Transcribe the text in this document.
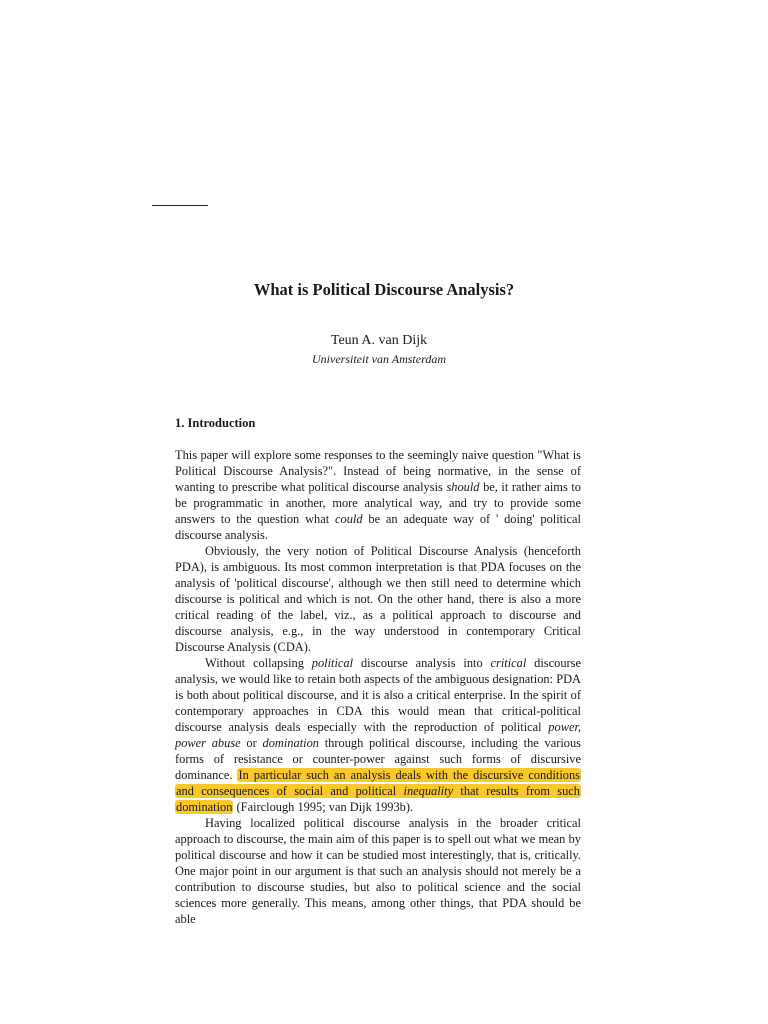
What is Political Discourse Analysis?

Teun A. van Dijk

Universiteit van Amsterdam

1. Introduction

This paper will explore some responses to the seemingly naive question "What is Political Discourse Analysis?". Instead of being normative, in the sense of wanting to prescribe what political discourse analysis should be, it rather aims to be programmatic in another, more analytical way, and try to provide some answers to the question what could be an adequate way of ' doing' political discourse analysis.

Obviously, the very notion of Political Discourse Analysis (henceforth PDA), is ambiguous. Its most common interpretation is that PDA focuses on the analysis of 'political discourse', although we then still need to determine which discourse is political and which is not. On the other hand, there is also a more critical reading of the label, viz., as a political approach to discourse and discourse analysis, e.g., in the way understood in contemporary Critical Discourse Analysis (CDA).

Without collapsing political discourse analysis into critical discourse analysis, we would like to retain both aspects of the ambiguous designation: PDA is both about political discourse, and it is also a critical enterprise. In the spirit of contemporary approaches in CDA this would mean that critical-political discourse analysis deals especially with the reproduction of political power, power abuse or domination through political discourse, including the various forms of resistance or counter-power against such forms of discursive dominance. In particular such an analysis deals with the discursive conditions and consequences of social and political inequality that results from such domination (Fairclough 1995; van Dijk 1993b).

Having localized political discourse analysis in the broader critical approach to discourse, the main aim of this paper is to spell out what we mean by political discourse and how it can be studied most interestingly, that is, critically. One major point in our argument is that such an analysis should not merely be a contribution to discourse studies, but also to political science and the social sciences more generally. This means, among other things, that PDA should be able
